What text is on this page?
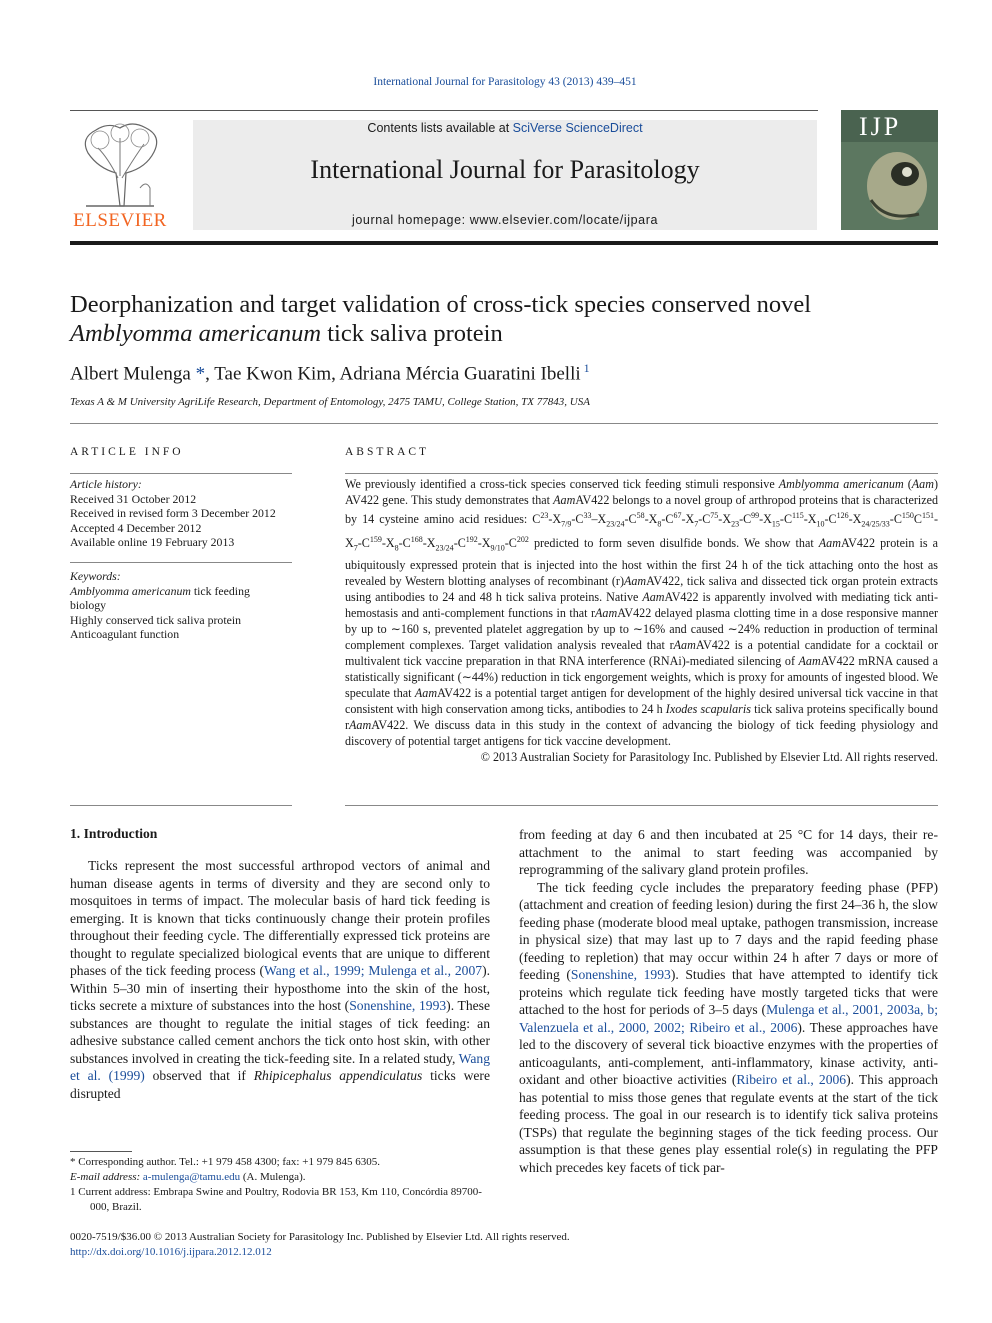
International Journal for Parasitology 43 (2013) 439–451
ELSEVIER
Contents lists available at SciVerse ScienceDirect
International Journal for Parasitology
journal homepage: www.elsevier.com/locate/ijpara
IJP
Deorphanization and target validation of cross-tick species conserved novel
Amblyomma americanum tick saliva protein
Albert Mulenga *, Tae Kwon Kim, Adriana Mércia Guaratini Ibelli $^1$
Texas A & M University AgriLife Research, Department of Entomology, 2475 TAMU, College Station, TX 77843, USA
ARTICLE INFO
Article history:
Received 31 October 2012
Received in revised form 3 December 2012
Accepted 4 December 2012
Available online 19 February 2013
Keywords:
Amblyomma americanum tick feeding
biology
Highly conserved tick saliva protein
Anticoagulant function
ABSTRACT
We previously identified a cross-tick species conserved tick feeding stimuli responsive Amblyomma americanum (Aam) AV422 gene. This study demonstrates that AamAV422 belongs to a novel group of arthropod proteins that is characterized by 14 cysteine amino acid residues: $C^{23}-X_{7/9}-C^{33}-X_{23/24}-C^{58}-X_8-C^{67}-X_7-C^{75}-X_{23}-C^{99}-X_{15}-C^{115}-X_{10}-C^{126}-X_{24/25/33}-C^{150}C^{151}-X_7-C^{159}-X_8-C^{168}-X_{23/24}-C^{192}-X_{9/10}-C^{202}$ predicted to form seven disulfide bonds. We show that AamAV422 protein is a ubiquitously expressed protein that is injected into the host within the first 24 h of the tick attaching onto the host as revealed by Western blotting analyses of recombinant (r)AamAV422, tick saliva and dissected tick organ protein extracts using antibodies to 24 and 48 h tick saliva proteins. Native AamAV422 is apparently involved with mediating tick anti-hemostasis and anti-complement functions in that rAamAV422 delayed plasma clotting time in a dose responsive manner by up to ∼160 s, prevented platelet aggregation by up to ∼16% and caused ∼24% reduction in production of terminal complement complexes. Target validation analysis revealed that rAamAV422 is a potential candidate for a cocktail or multivalent tick vaccine preparation in that RNA interference (RNAi)-mediated silencing of AamAV422 mRNA caused a statistically significant (∼44%) reduction in tick engorgement weights, which is proxy for amounts of ingested blood. We speculate that AamAV422 is a potential target antigen for development of the highly desired universal tick vaccine in that consistent with high conservation among ticks, antibodies to 24 h Ixodes scapularis tick saliva proteins specifically bound rAamAV422. We discuss data in this study in the context of advancing the biology of tick feeding physiology and discovery of potential target antigens for tick vaccine development.
© 2013 Australian Society for Parasitology Inc. Published by Elsevier Ltd. All rights reserved.
1. Introduction

Ticks represent the most successful arthropod vectors of animal and human disease agents in terms of diversity and they are second only to mosquitoes in terms of impact. The molecular basis of hard tick feeding is emerging. It is known that ticks continuously change their protein profiles throughout their feeding cycle. The differentially expressed tick proteins are thought to regulate specialized biological events that are unique to different phases of the tick feeding process (Wang et al., 1999; Mulenga et al., 2007). Within 5–30 min of inserting their hyposthome into the skin of the host, ticks secrete a mixture of substances into the host (Sonenshine, 1993). These substances are thought to regulate the initial stages of tick feeding: an adhesive substance called cement anchors the tick onto host skin, with other substances involved in creating the tick-feeding site. In a related study, Wang et al. (1999) observed that if Rhipicephalus appendiculatus ticks were disrupted

from feeding at day 6 and then incubated at 25 °C for 14 days, their re-attachment to the animal to start feeding was accompanied by reprogramming of the salivary gland protein profiles.

The tick feeding cycle includes the preparatory feeding phase (PFP) (attachment and creation of feeding lesion) during the first 24–36 h, the slow feeding phase (moderate blood meal uptake, pathogen transmission, increase in physical size) that may last up to 7 days and the rapid feeding phase (feeding to repletion) that may occur within 24 h after 7 days or more of feeding (Sonenshine, 1993). Studies that have attempted to identify tick proteins which regulate tick feeding have mostly targeted ticks that were attached to the host for periods of 3–5 days (Mulenga et al., 2001, 2003a, b; Valenzuela et al., 2000, 2002; Ribeiro et al., 2006). These approaches have led to the discovery of several tick bioactive enzymes with the properties of anticoagulants, anti-complement, anti-inflammatory, kinase activity, anti-oxidant and other bioactive activities (Ribeiro et al., 2006). This approach has potential to miss those genes that regulate events at the start of the tick feeding process. The goal in our research is to identify tick saliva proteins (TSPs) that regulate the beginning stages of the tick feeding process. Our assumption is that these genes play essential role(s) in regulating the PFP which precedes key facets of tick par-

* Corresponding author. Tel.: +1 979 458 4300; fax: +1 979 845 6305.
E-mail address: a-mulenga@tamu.edu (A. Mulenga).
1 Current address: Embrapa Swine and Poultry, Rodovia BR 153, Km 110, Concórdia 89700-000, Brazil.
0020-7519/$36.00 © 2013 Australian Society for Parasitology Inc. Published by Elsevier Ltd. All rights reserved.
http://dx.doi.org/10.1016/j.ijpara.2012.12.012
